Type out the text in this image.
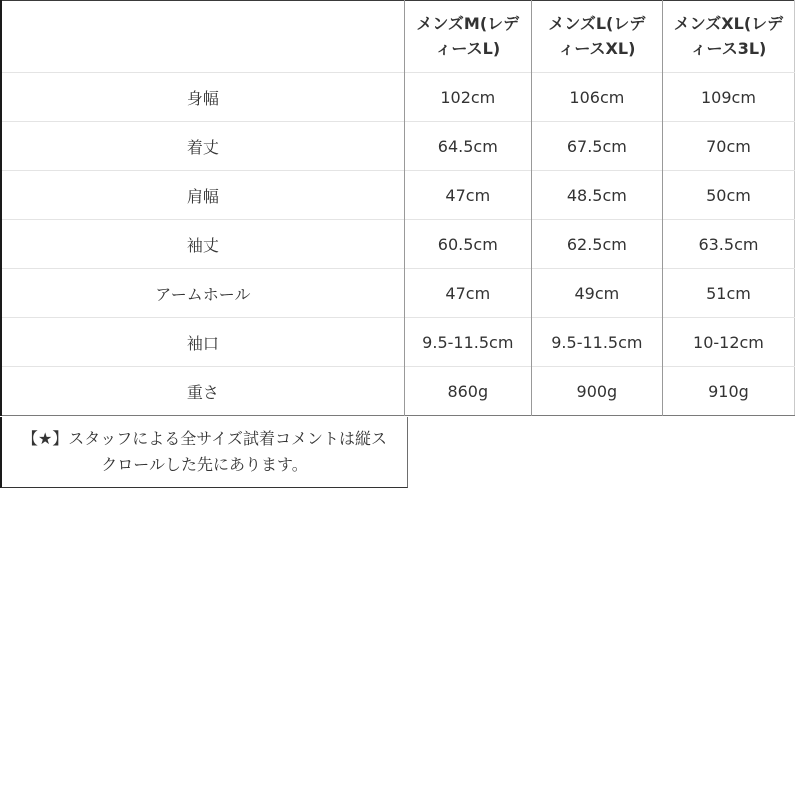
	メンズM(レディースL)	メンズL(レディースXL)	メンズXL(レディース3L)
身幅	102cm	106cm	109cm
着丈	64.5cm	67.5cm	70cm
肩幅	47cm	48.5cm	50cm
袖丈	60.5cm	62.5cm	63.5cm
アームホール	47cm	49cm	51cm
袖口	9.5-11.5cm	9.5-11.5cm	10-12cm
重さ	860g	900g	910g

【★】スタッフによる全サイズ試着コメントは縦スクロールした先にあります。
